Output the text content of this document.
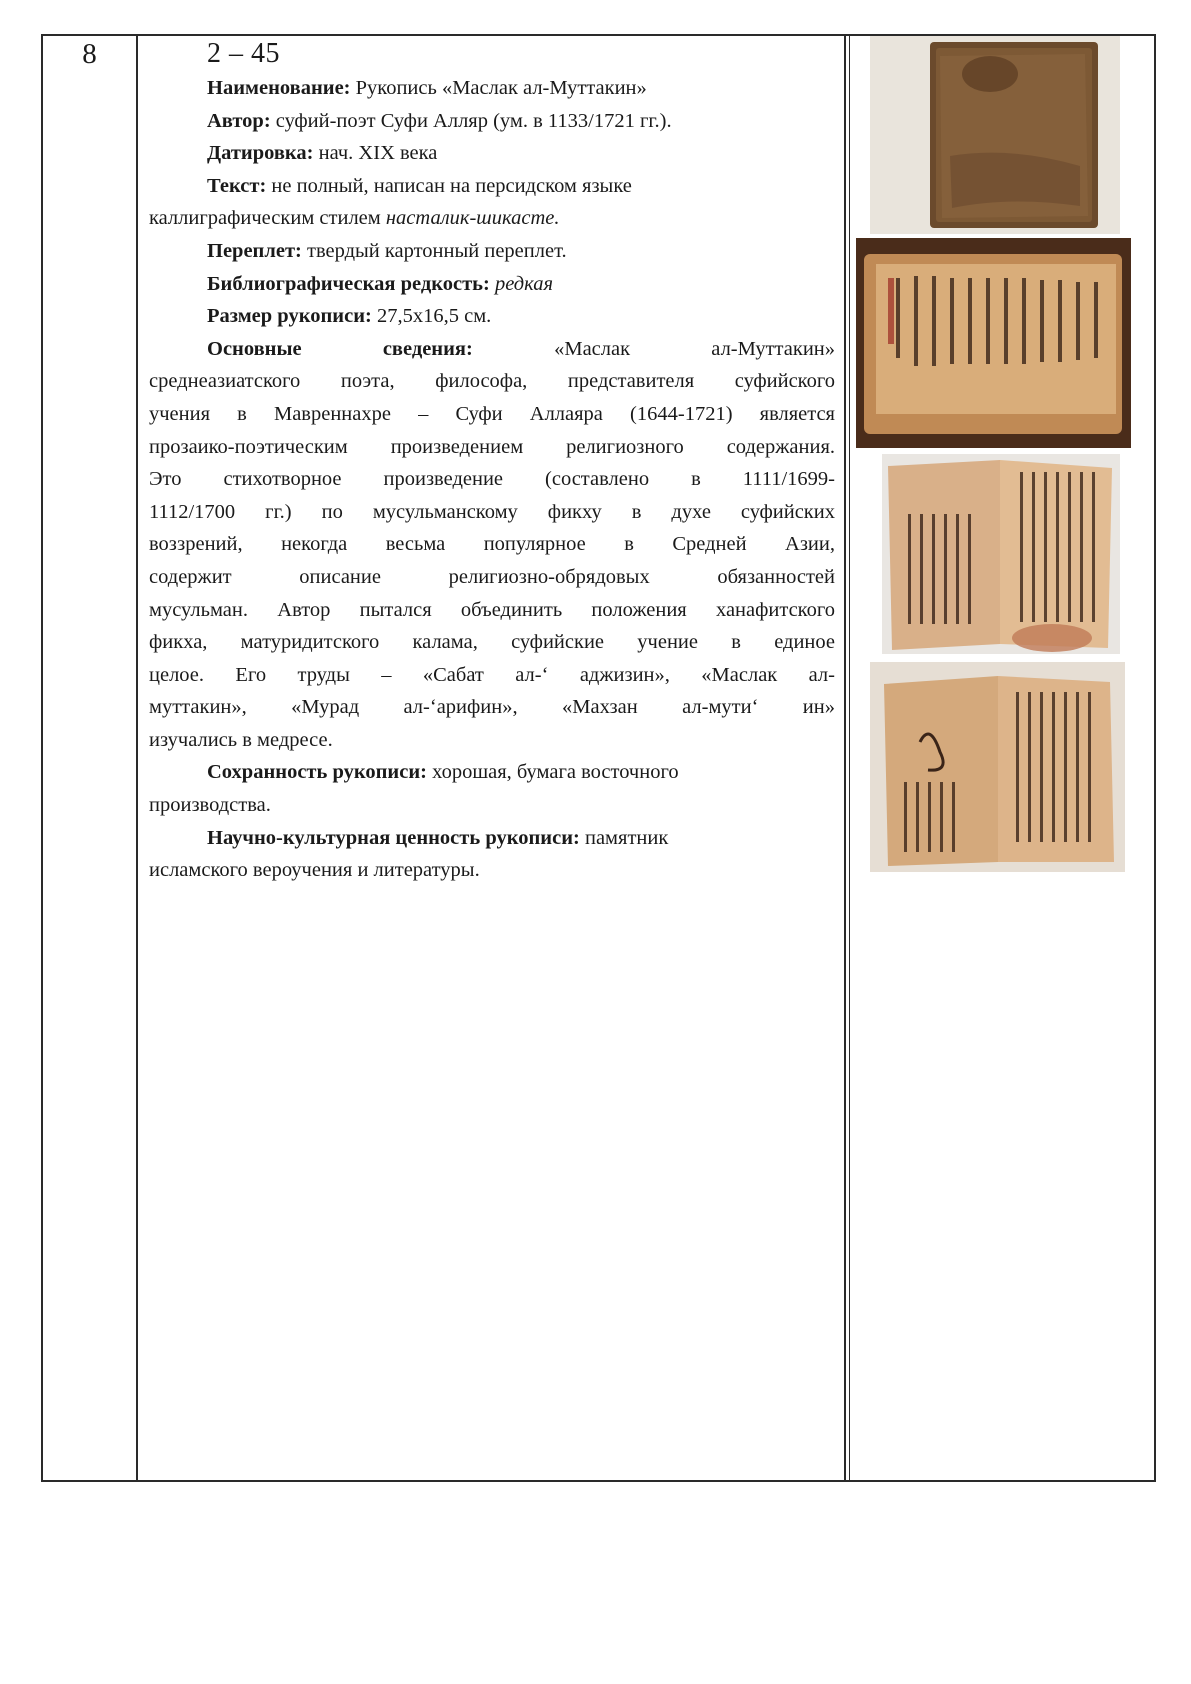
8	2 – 45

Наименование: Рукопись «Маслак ал-Муттакин»

Автор: суфий-поэт Суфи Алляр (ум. в 1133/1721 гг.).

Датировка: нач. XIX века

Текст: не полный, написан на персидском языке

каллиграфическим стилем насталик-шикасте.

Переплет: твердый картонный переплет.

Библиографическая редкость: редкая

Размер рукописи: 27,5x16,5 см.

Основные сведения:	«Маслак ал-Муттакин»

среднеазиатского поэта, философа, представителя суфийского

учения в Мавреннахре – Суфи Аллаяра (1644-1721) является

прозаико-поэтическим произведением религиозного содержания.

Это стихотворное произведение (составлено в 1111/1699-

1112/1700 гг.) по мусульманскому фикху в духе суфийских

воззрений, некогда весьма популярное в Средней Азии,

содержит описание религиозно-обрядовых обязанностей

мусульман. Автор пытался объединить положения ханафитского

фикха, матуридитского калама, суфийские учение в единое

целое. Его труды – «Сабат ал-‘ аджизин», «Маслак ал-

муттакин», «Мурад ал-‘арифин», «Махзан ал-мути‘ ин»

изучались в медресе.

Сохранность рукописи: хорошая, бумага восточного

производства.

Научно-культурная ценность рукописи: памятник

исламского вероучения и литературы.
